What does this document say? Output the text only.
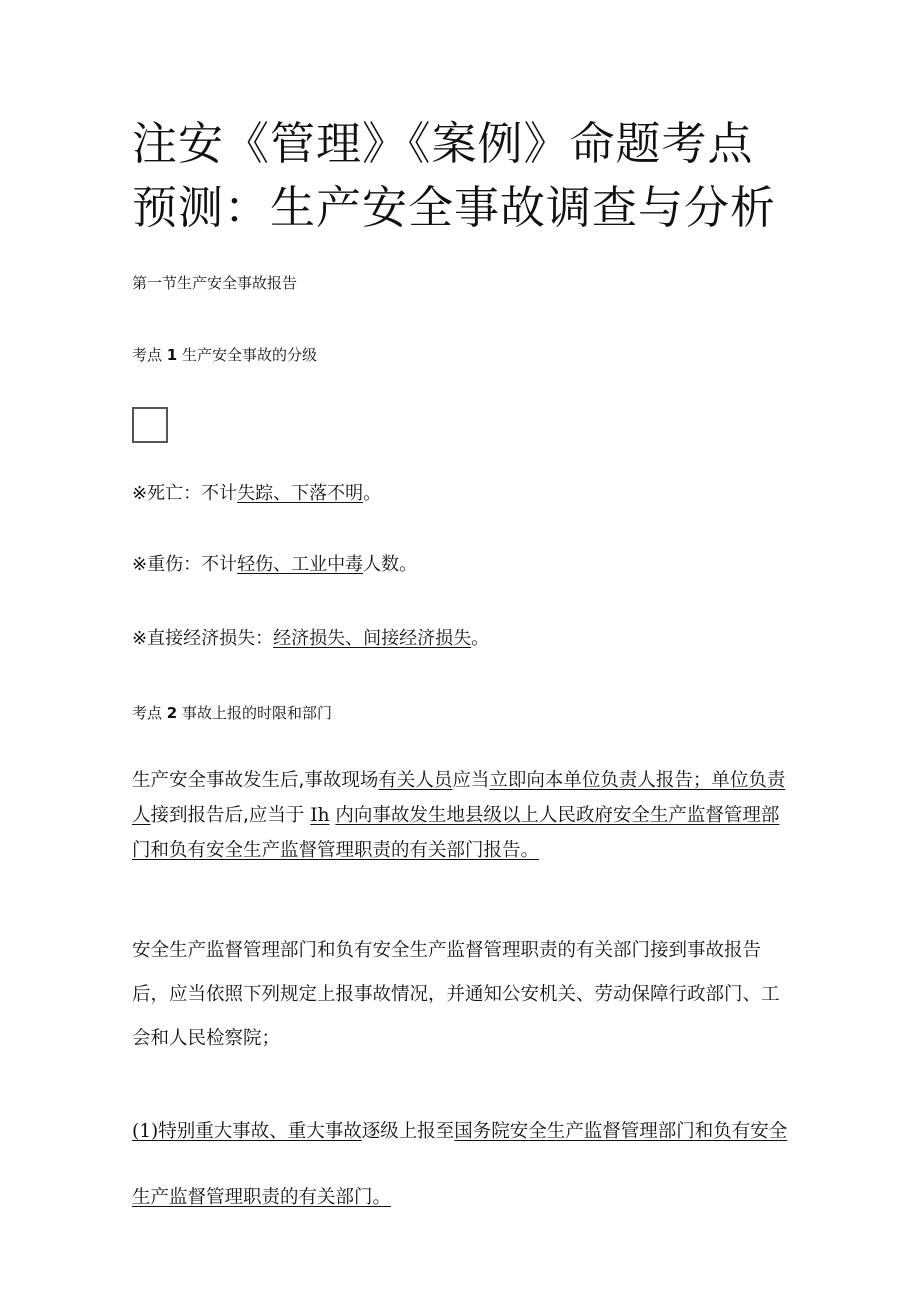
注安《管理》《案例》命题考点预测：生产安全事故调查与分析

第一节生产安全事故报告

考点 1 生产安全事故的分级

※死亡：不计失踪、下落不明。

※重伤：不计轻伤、工业中毒人数。

※直接经济损失：经济损失、间接经济损失。

考点 2 事故上报的时限和部门

生产安全事故发生后,事故现场有关人员应当立即向本单位负责人报告；单位负责人接到报告后,应当于 Ih 内向事故发生地县级以上人民政府安全生产监督管理部门和负有安全生产监督管理职责的有关部门报告。

安全生产监督管理部门和负有安全生产监督管理职责的有关部门接到事故报告后，应当依照下列规定上报事故情况，并通知公安机关、劳动保障行政部门、工会和人民检察院；

(1)特别重大事故、重大事故逐级上报至国务院安全生产监督管理部门和负有安全生产监督管理职责的有关部门。
